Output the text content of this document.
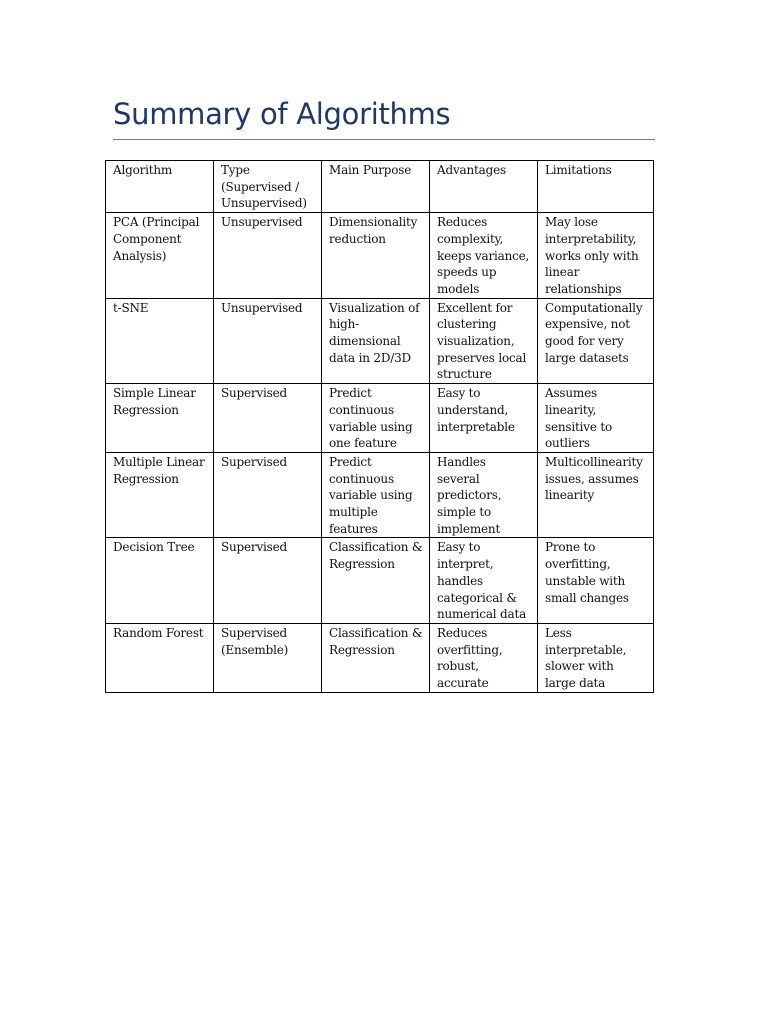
Summary of Algorithms
Algorithm	Type
(Supervised /
Unsupervised)	Main Purpose	Advantages	Limitations

PCA (Principal
Component
Analysis)	Unsupervised	Dimensionality
reduction	Reduces
complexity,
keeps variance,
speeds up
models	May lose
interpretability,
works only with
linear
relationships

t-SNE	Unsupervised	Visualization of
high-
dimensional
data in 2D/3D	Excellent for
clustering
visualization,
preserves local
structure	Computationally
expensive, not
good for very
large datasets

Simple Linear
Regression	Supervised	Predict
continuous
variable using
one feature	Easy to
understand,
interpretable	Assumes
linearity,
sensitive to
outliers

Multiple Linear
Regression	Supervised	Predict
continuous
variable using
multiple
features	Handles several
predictors,
simple to
implement	Multicollinearity
issues, assumes
linearity

Decision Tree	Supervised	Classification &
Regression	Easy to
interpret,
handles
categorical &
numerical data	Prone to
overfitting,
unstable with
small changes

Random Forest	Supervised
(Ensemble)	Classification &
Regression	Reduces
overfitting,
robust,
accurate	Less
interpretable,
slower with
large data
